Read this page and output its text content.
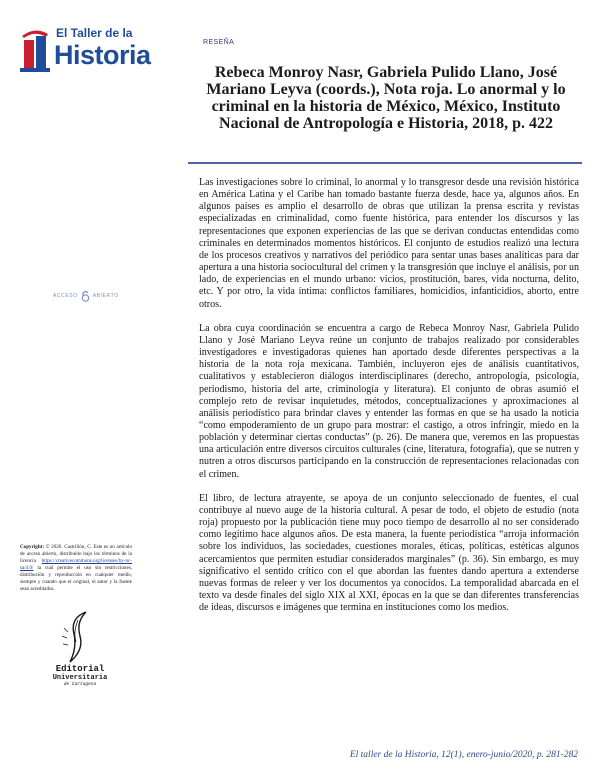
El Taller de la
Historia	RESEÑA
Rebeca Monroy Nasr, Gabriela Pulido Llano, José Mariano Leyva (coords.), Nota roja. Lo anormal y lo criminal en la historia de México, México, Instituto Nacional de Antropología e Historia, 2018, p. 422
ACCESO	ABIERTO

Las investigaciones sobre lo criminal, lo anormal y lo transgresor desde una revisión histórica en América Latina y el Caribe han tomado bastante fuerza desde, hace ya, algunos años. En algunos países es amplio el desarrollo de obras que utilizan la prensa escrita y revistas especializadas en criminalidad, como fuente histórica, para entender los discursos y las representaciones que exponen experiencias de las que se derivan conductas entendidas como criminales en determinados momentos históricos. El conjunto de estudios realizó una lectura de los procesos creativos y narrativos del periódico para sentar unas bases analíticas para dar apertura a una historia sociocultural del crimen y la transgresión que incluye el análisis, por un lado, de experiencias en el mundo urbano: vicios, prostitución, bares, vida nocturna, delito, etc. Y por otro, la vida íntima: conflictos familiares, homicidios, infanticidios, aborto, entre otros.

La obra cuya coordinación se encuentra a cargo de Rebeca Monroy Nasr, Gabriela Pulido Llano y José Mariano Leyva reúne un conjunto de trabajos realizado por considerables investigadores e investigadoras quienes han aportado desde diferentes perspectivas a la historia de la nota roja mexicana. También, incluyeron ejes de análisis cuantitativos, cualitativos y establecieron diálogos interdisciplinares (derecho, antropología, psicología, periodismo, historia del arte, criminología y literatura). El conjunto de obras asumió el complejo reto de revisar inquietudes, métodos, conceptualizaciones y aproximaciones al análisis periodístico para brindar claves y entender las formas en que se ha usado la noticia “como empoderamiento de un grupo para mostrar: el castigo, a otros infringir, miedo en la población y determinar ciertas conductas” (p. 26). De manera que, veremos en las propuestas una articulación entre diversos circuitos culturales (cine, literatura, fotografía), que se nutren y nutren a otros discursos participando en la construcción de representaciones relacionadas con el crimen.

El libro, de lectura atrayente, se apoya de un conjunto seleccionado de fuentes, el cual contribuye al nuevo auge de la historia cultural. A pesar de todo, el objeto de estudio (nota roja) propuesto por la publicación tiene muy poco tiempo de desarrollo al no ser considerado como legítimo hace algunos años. De esta manera, la fuente periodística “arroja información sobre los individuos, las sociedades, cuestiones morales, éticas, políticas, estéticas algunos acercamientos que permiten estudiar considerados marginales” (p. 36). Sin embargo, es muy significativo el sentido crítico con el que abordan las fuentes dando apertura a extenderse nuevas formas de releer y ver los documentos ya conocidos. La temporalidad abarcada en el texto va desde finales del siglo XIX al XXI, épocas en la que se dan diferentes transferencias de ideas, discursos e imágenes que termina en instituciones como los medios.

Copyright: © 2020. Castrillón, C. Este es un artículo de acceso abierto, distribuido bajo los términos de la licencia https://creativecommons.org/licenses/by-nc-sa/4.0/ la cual permite el uso sin restricciones, distribución y reproducción en cualquier medio, siempre y cuando que el original, el autor y la fuente sean acreditados.
Editorial
Universitaria
de Cartagena
El taller de la Historia, 12(1), enero-junio/2020, p. 281-282
